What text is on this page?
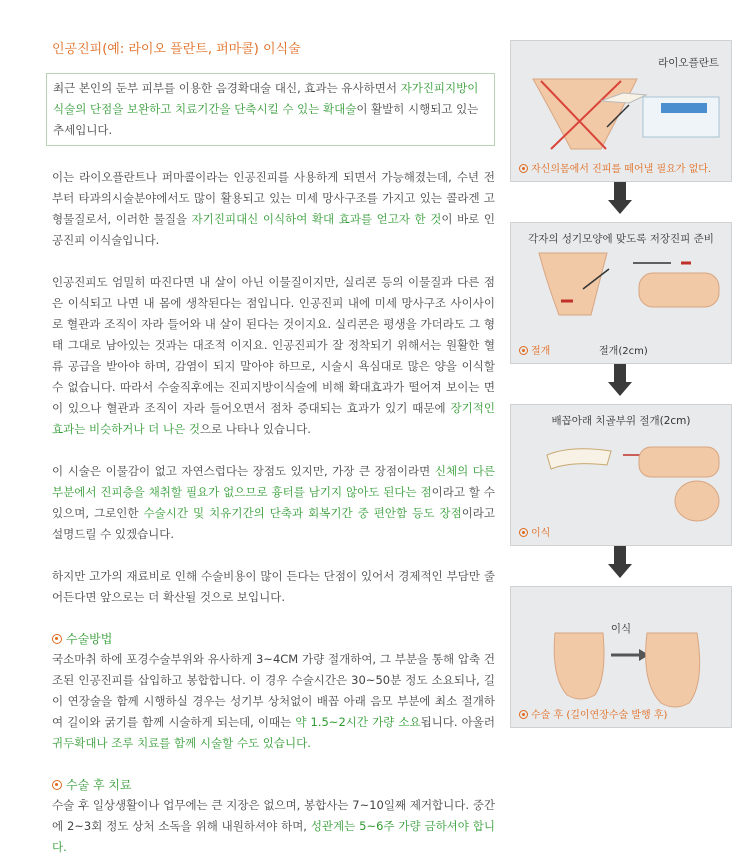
인공진피(예: 라이오 플란트, 퍼마콜) 이식술
최근 본인의 둔부 피부를 이용한 음경확대술 대신, 효과는 유사하면서 자가진피지방이식술의 단점을 보완하고 치료기간을 단축시킬 수 있는 확대술이 활발히 시행되고 있는 추세입니다.

이는 라이오플란트나 퍼마콜이라는 인공진피를 사용하게 되면서 가능해졌는데, 수년 전부터 타과의시술분야에서도 많이 활용되고 있는 미세 망사구조를 가지고 있는 콜라겐 고형물질로서, 이러한 물질을 자기진피대신 이식하여 확대 효과를 얻고자 한 것이 바로 인공진피 이식술입니다.

인공진피도 엄밀히 따진다면 내 살이 아닌 이물질이지만, 실리콘 등의 이물질과 다른 점은 이식되고 나면 내 몸에 생착된다는 점입니다. 인공진피 내에 미세 망사구조 사이사이로 혈관과 조직이 자라 들어와 내 살이 된다는 것이지요. 실리콘은 평생을 가더라도 그 형태 그대로 남아있는 것과는 대조적 이지요. 인공진피가 잘 정착되기 위해서는 원활한 혈류 공급을 받아야 하며, 감염이 되지 말아야 하므로, 시술시 욕심대로 많은 양을 이식할 수 없습니다. 따라서 수술직후에는 진피지방이식술에 비해 확대효과가 떨어져 보이는 면이 있으나 혈관과 조직이 자라 들어오면서 점차 증대되는 효과가 있기 때문에 장기적인 효과는 비슷하거나 더 나은 것으로 나타나 있습니다.

이 시술은 이물감이 없고 자연스럽다는 장점도 있지만, 가장 큰 장점이라면 신체의 다른 부분에서 진피층을 채취할 필요가 없으므로 흉터를 남기지 않아도 된다는 점이라고 할 수 있으며, 그로인한 수술시간 및 치유기간의 단축과 회복기간 중 편안함 등도 장점이라고 설명드릴 수 있겠습니다.

하지만 고가의 재료비로 인해 수술비용이 많이 든다는 단점이 있어서 경제적인 부담만 줄어든다면 앞으로는 더 확산될 것으로 보입니다.

수술방법

국소마취 하에 포경수술부위와 유사하게 3~4CM 가량 절개하여, 그 부분을 통해 압축 건조된 인공진피를 삽입하고 봉합합니다. 이 경우 수술시간은 30~50분 정도 소요되나, 길이 연장술을 함께 시행하실 경우는 성기부 상처없이 배꼽 아래 음모 부분에 최소 절개하여 길이와 굵기를 함께 시술하게 되는데, 이때는 약 1.5~2시간 가량 소요됩니다. 아울러 귀두확대나 조루 치료를 함께 시술할 수도 있습니다.

수술 후 치료

수술 후 일상생활이나 업무에는 큰 지장은 없으며, 봉합사는 7~10일째 제거합니다. 중간에 2~3회 정도 상처 소독을 위해 내원하셔야 하며, 성관계는 5~6주 가량 금하셔야 합니다.

라이오플란트
자신의몸에서 진피를 떼어낼 필요가 없다.
각자의 성기모양에 맞도록 저장진피 준비
절개	절개(2cm)
배꼽아래 치골부위 절개(2cm)
이식
이식
수술 후 (길이연장수술 발행 후)
